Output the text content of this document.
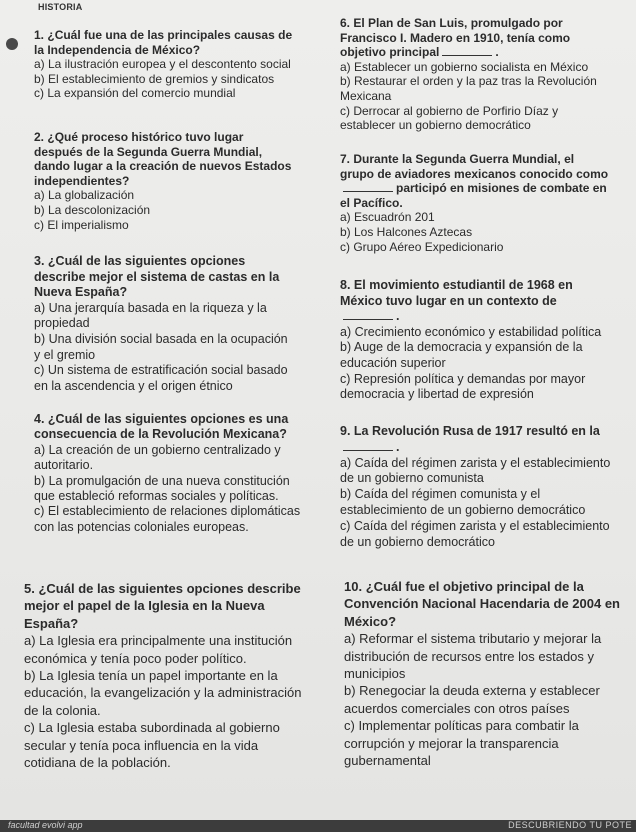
HISTORIA
1. ¿Cuál fue una de las principales causas de la Independencia de México?
a) La ilustración europea y el descontento social
b) El establecimiento de gremios y sindicatos
c) La expansión del comercio mundial
2. ¿Qué proceso histórico tuvo lugar después de la Segunda Guerra Mundial, dando lugar a la creación de nuevos Estados independientes?
a) La globalización
b) La descolonización
c) El imperialismo
3. ¿Cuál de las siguientes opciones describe mejor el sistema de castas en la Nueva España?
a) Una jerarquía basada en la riqueza y la propiedad
b) Una división social basada en la ocupación y el gremio
c) Un sistema de estratificación social basado en la ascendencia y el origen étnico
4. ¿Cuál de las siguientes opciones es una consecuencia de la Revolución Mexicana?
a) La creación de un gobierno centralizado y autoritario.
b) La promulgación de una nueva constitución que estableció reformas sociales y políticas.
c) El establecimiento de relaciones diplomáticas con las potencias coloniales europeas.
5. ¿Cuál de las siguientes opciones describe mejor el papel de la Iglesia en la Nueva España?
a) La Iglesia era principalmente una institución económica y tenía poco poder político.
b) La Iglesia tenía un papel importante en la educación, la evangelización y la administración de la colonia.
c) La Iglesia estaba subordinada al gobierno secular y tenía poca influencia en la vida cotidiana de la población.
6. El Plan de San Luis, promulgado por Francisco I. Madero en 1910, tenía como objetivo principal	.
a) Establecer un gobierno socialista en México
b) Restaurar el orden y la paz tras la Revolución Mexicana
c) Derrocar al gobierno de Porfirio Díaz y establecer un gobierno democrático
7. Durante la Segunda Guerra Mundial, el grupo de aviadores mexicanos conocido comoparticipó en misiones de combate en el Pacífico.
a) Escuadrón 201
b) Los Halcones Aztecas
c) Grupo Aéreo Expedicionario
8. El movimiento estudiantil de 1968 en México tuvo lugar en un contexto de .
a) Crecimiento económico y estabilidad política
b) Auge de la democracia y expansión de la educación superior
c) Represión política y demandas por mayor democracia y libertad de expresión
9. La Revolución Rusa de 1917 resultó en la .
a) Caída del régimen zarista y el establecimiento de un gobierno comunista
b) Caída del régimen comunista y el establecimiento de un gobierno democrático
c) Caída del régimen zarista y el establecimiento de un gobierno democrático
10. ¿Cuál fue el objetivo principal de la Convención Nacional Hacendaria de 2004 en México?
a) Reformar el sistema tributario y mejorar la distribución de recursos entre los estados y municipios
b) Renegociar la deuda externa y establecer acuerdos comerciales con otros países
c) Implementar políticas para combatir la corrupción y mejorar la transparencia gubernamental
facultad evolvi app	DESCUBRIENDO TU POTE
